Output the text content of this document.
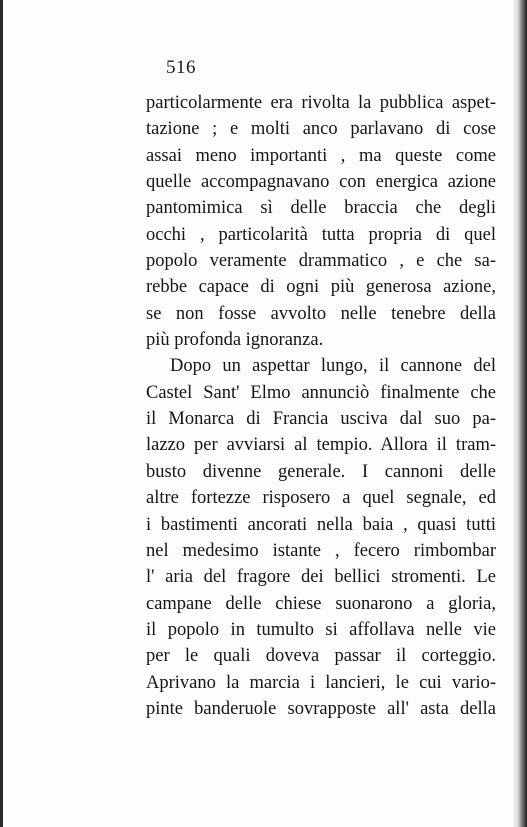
516
particolarmente era rivolta la pubblica aspet-
tazione ; e molti anco parlavano di cose
assai meno importanti , ma queste come
quelle accompagnavano con energica azione
pantomimica sì delle braccia che degli
occhi , particolarità tutta propria di quel
popolo veramente drammatico , e che sa-
rebbe capace di ogni più generosa azione,
se non fosse avvolto nelle tenebre della
più profonda ignoranza.
Dopo un aspettar lungo, il cannone del
Castel Sant' Elmo annunciò finalmente che
il Monarca di Francia usciva dal suo pa-
lazzo per avviarsi al tempio. Allora il tram-
busto divenne generale. I cannoni delle
altre fortezze risposero a quel segnale, ed
i bastimenti ancorati nella baia , quasi tutti
nel medesimo istante , fecero rimbombar
l' aria del fragore dei bellici stromenti. Le
campane delle chiese suonarono a gloria,
il popolo in tumulto si affollava nelle vie
per le quali doveva passar il corteggio.
Aprivano la marcia i lancieri, le cui vario-
pinte banderuole sovrapposte all' asta della
